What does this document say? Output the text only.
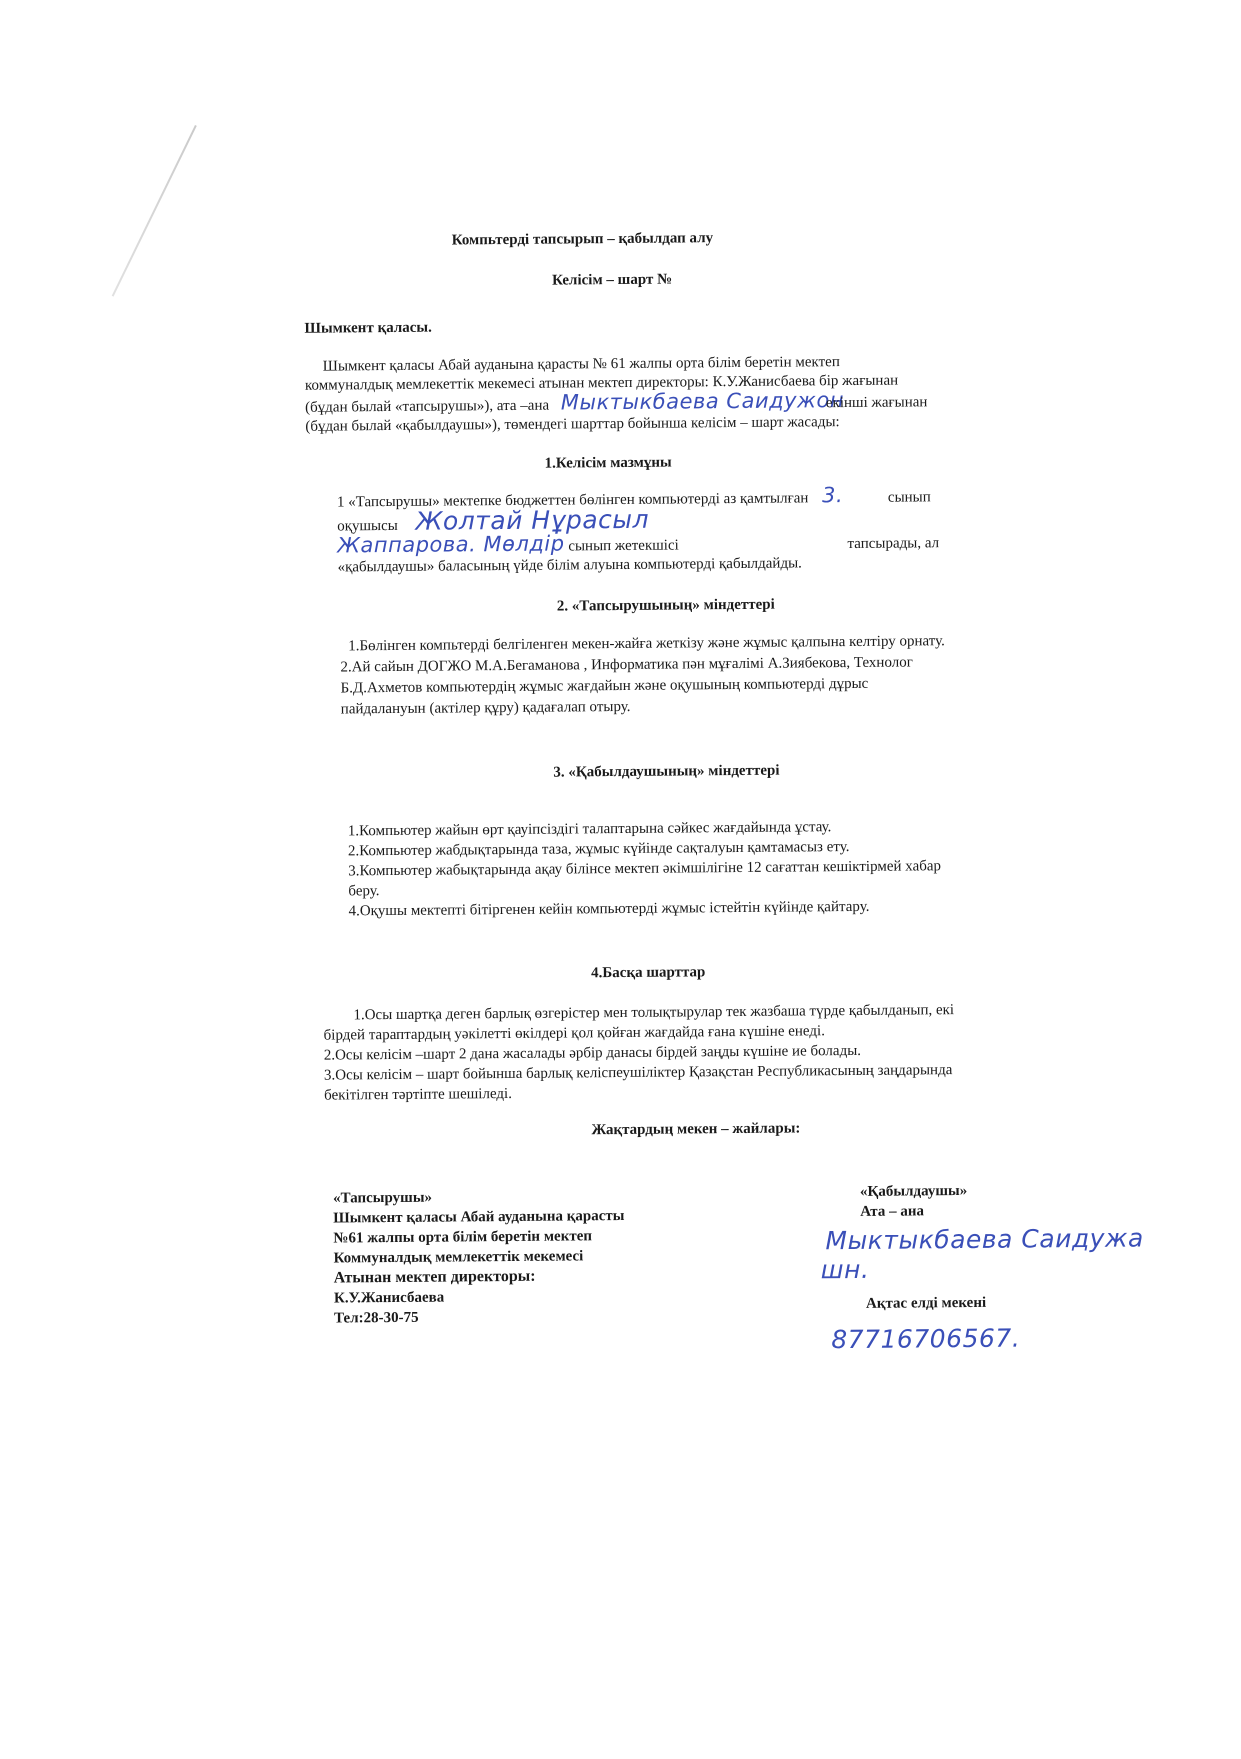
Компьтерді тапсырып – қабылдап алу
Келісім – шарт №
Шымкент қаласы.
Шымкент қаласы Абай ауданына қарасты № 61 жалпы орта білім беретін мектеп
коммуналдық мемлекеттік мекемесі атынан мектеп директоры: К.У.Жанисбаева бір жағынан
(бұдан былай «тапсырушы»), ата –ана Мыктыкбаева Саидужонекінші жағынан
(бұдан былай «қабылдаушы»), төмендегі шарттар бойынша келісім – шарт жасады:
1.Келісім мазмұны
1 «Тапсырушы» мектепке бюджеттен бөлінген компьютерді аз қамтылған 3.	сынып
оқушысы Жолтай Нұрасыл
Жаппарова. Мөлдір сынып жетекшісі	тапсырады, ал
«қабылдаушы» баласының үйде білім алуына компьютерді қабылдайды.
2. «Тапсырушының» міндеттері
1.Бөлінген компьтерді белгіленген мекен-жайға жеткізу және жұмыс қалпына келтіру орнату.
2.Ай сайын ДОГЖО М.А.Бегаманова , Информатика пән мұғалімі А.Зиябекова, Технолог
Б.Д.Ахметов компьютердің жұмыс жағдайын және оқушының компьютерді дұрыс
пайдалануын (актілер құру) қадағалап отыру.
3. «Қабылдаушының» міндеттері
1.Компьютер жайын өрт қауіпсіздігі талаптарына сәйкес жағдайында ұстау.
2.Компьютер жабдықтарында таза, жұмыс күйінде сақталуын қамтамасыз ету.
3.Компьютер жабықтарында ақау білінсе мектеп әкімшілігіне 12 сағаттан кешіктірмей хабар
беру.
4.Оқушы мектепті бітіргенен кейін компьютерді жұмыс істейтін күйінде қайтару.
4.Басқа шарттар
1.Осы шартқа деген барлық өзгерістер мен толықтырулар тек жазбаша түрде қабылданып, екі
бірдей тараптардың уәкілетті өкілдері қол қойған жағдайда ғана күшіне енеді.
2.Осы келісім –шарт 2 дана жасалады әрбір данасы бірдей заңды күшіне ие болады.
3.Осы келісім – шарт бойынша барлық келіспеушіліктер Қазақстан Республикасының заңдарында
бекітілген тәртіпте шешіледі.
Жақтардың мекен – жайлары:
«Тапсырушы»
Шымкент қаласы Абай ауданына қарасты
№61 жалпы орта білім беретін мектеп
Коммуналдық мемлекеттік мекемесі
Атынан мектеп директоры:
К.У.Жанисбаева
Тел:28-30-75
«Қабылдаушы»
Ата – ана
Мыктыкбаева Саидужа
шн.
Ақтас елді мекені
87716706567.
